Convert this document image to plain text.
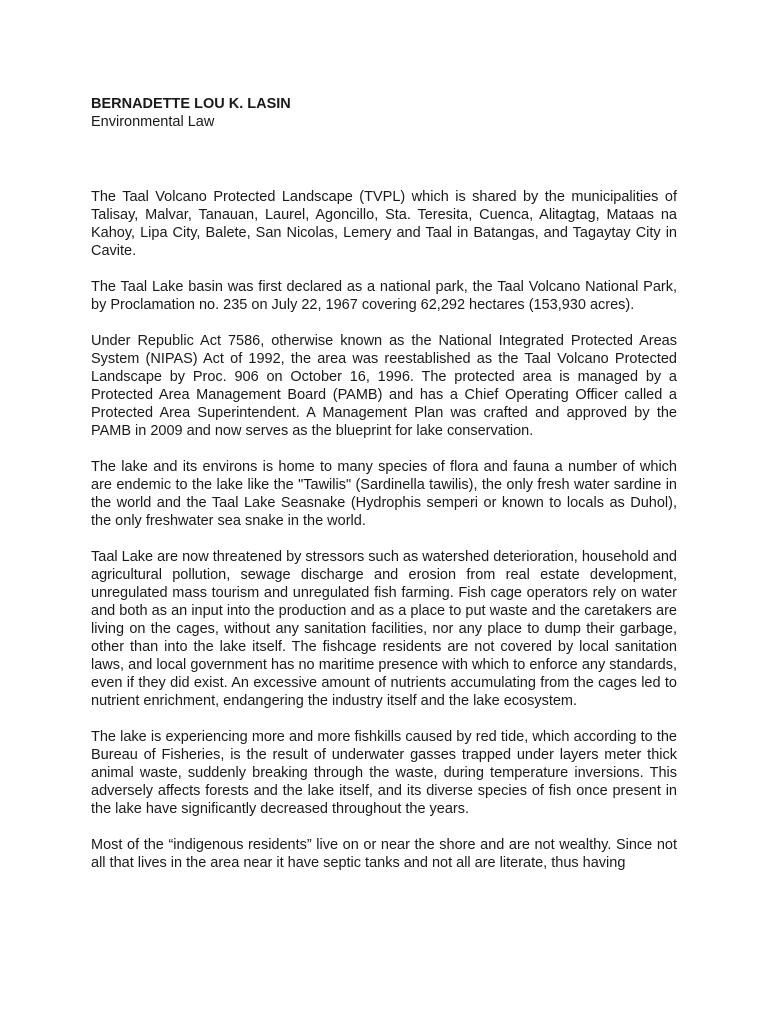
BERNADETTE LOU K. LASIN

Environmental Law

The Taal Volcano Protected Landscape (TVPL) which is shared by the municipalities of Talisay, Malvar, Tanauan, Laurel, Agoncillo, Sta. Teresita, Cuenca, Alitagtag, Mataas na Kahoy, Lipa City, Balete, San Nicolas, Lemery and Taal in Batangas, and Tagaytay City in Cavite.

The Taal Lake basin was first declared as a national park, the Taal Volcano National Park, by Proclamation no. 235 on July 22, 1967 covering 62,292 hectares (153,930 acres).

Under Republic Act 7586, otherwise known as the National Integrated Protected Areas System (NIPAS) Act of 1992, the area was reestablished as the Taal Volcano Protected Landscape by Proc. 906 on October 16, 1996. The protected area is managed by a Protected Area Management Board (PAMB) and has a Chief Operating Officer called a Protected Area Superintendent. A Management Plan was crafted and approved by the PAMB in 2009 and now serves as the blueprint for lake conservation.

The lake and its environs is home to many species of flora and fauna a number of which are endemic to the lake like the "Tawilis" (Sardinella tawilis), the only fresh water sardine in the world and the Taal Lake Seasnake (Hydrophis semperi or known to locals as Duhol), the only freshwater sea snake in the world.

Taal Lake are now threatened by stressors such as watershed deterioration, household and agricultural pollution, sewage discharge and erosion from real estate development, unregulated mass tourism and unregulated fish farming. Fish cage operators rely on water and both as an input into the production and as a place to put waste and the caretakers are living on the cages, without any sanitation facilities, nor any place to dump their garbage, other than into the lake itself. The fishcage residents are not covered by local sanitation laws, and local government has no maritime presence with which to enforce any standards, even if they did exist. An excessive amount of nutrients accumulating from the cages led to nutrient enrichment, endangering the industry itself and the lake ecosystem.

The lake is experiencing more and more fishkills caused by red tide, which according to the Bureau of Fisheries, is the result of underwater gasses trapped under layers meter thick animal waste, suddenly breaking through the waste, during temperature inversions. This adversely affects forests and the lake itself, and its diverse species of fish once present in the lake have significantly decreased throughout the years.

Most of the “indigenous residents” live on or near the shore and are not wealthy. Since not all that lives in the area near it have septic tanks and not all are literate, thus having
